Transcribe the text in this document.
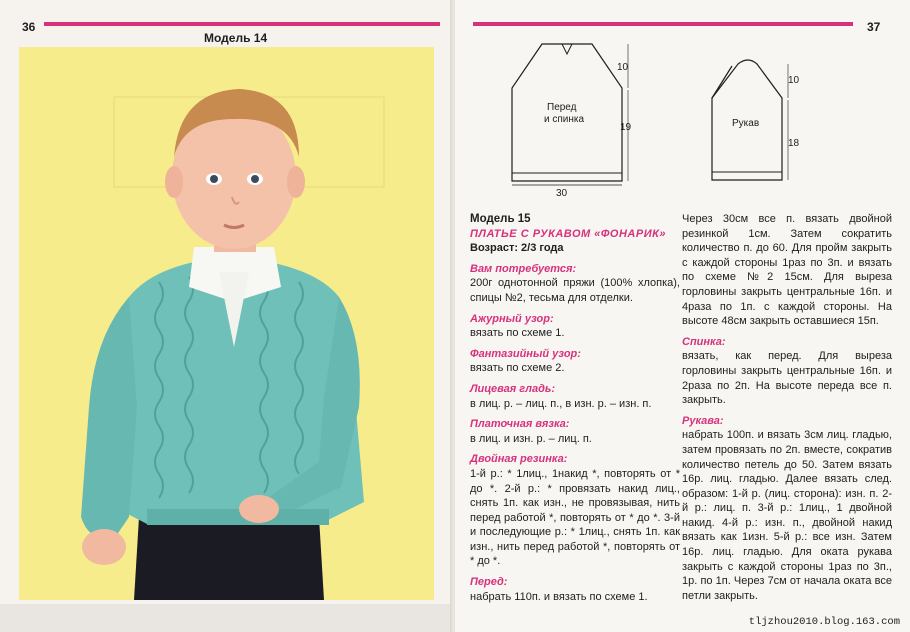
36
Модель 14
37
Перед
и спинка
10
19
30
Рукав
10
18
Модель 15
ПЛАТЬЕ С РУКАВОМ «ФОНАРИК»
Возраст: 2/3 года
Вам потребуется:
200г однотонной пряжи (100% хлопка), спицы №2, тесьма для отделки.
Ажурный узор:
вязать по схеме 1.
Фантазийный узор:
вязать по схеме 2.
Лицевая гладь:
в лиц. р. – лиц. п., в изн. р. – изн. п.
Платочная вязка:
в лиц. и изн. р. – лиц. п.
Двойная резинка:
1-й р.: * 1лиц., 1накид *, повторять от * до *. 2-й р.: * провязать накид лиц., снять 1п. как изн., не провязывая, нить перед работой *, повторять от * до *. 3-й и последующие р.: * 1лиц., снять 1п. как изн., нить перед работой *, повторять от * до *.
Перед:
набрать 110п. и вязать по схеме 1.
Через 30см все п. вязать двойной резинкой 1см. Затем сократить количество п. до 60. Для пройм закрыть с каждой стороны 1раз по 3п. и вязать по схеме №2 15см. Для выреза горловины закрыть центральные 16п. и 4раза по 1п. с каждой стороны. На высоте 48см закрыть оставшиеся 15п.
Спинка:
вязать, как перед. Для выреза горловины закрыть центральные 16п. и 2раза по 2п. На высоте переда все п. закрыть.
Рукава:
набрать 100п. и вязать 3см лиц. гладью, затем провязать по 2п. вместе, сократив количество петель до 50. Затем вязать 16р. лиц. гладью. Далее вязать след. образом: 1-й р. (лиц. сторона): изн. п. 2-й р.: лиц. п. 3-й р.: 1лиц., 1 двойной накид. 4-й р.: изн. п., двойной накид вязать как 1изн. 5-й р.: все изн. Затем 16р. лиц. гладью. Для оката рукава закрыть с каждой стороны 1раз по 3п., 1р. по 1п. Через 7см от начала оката все петли закрыть.
tljzhou2010.blog.163.com
